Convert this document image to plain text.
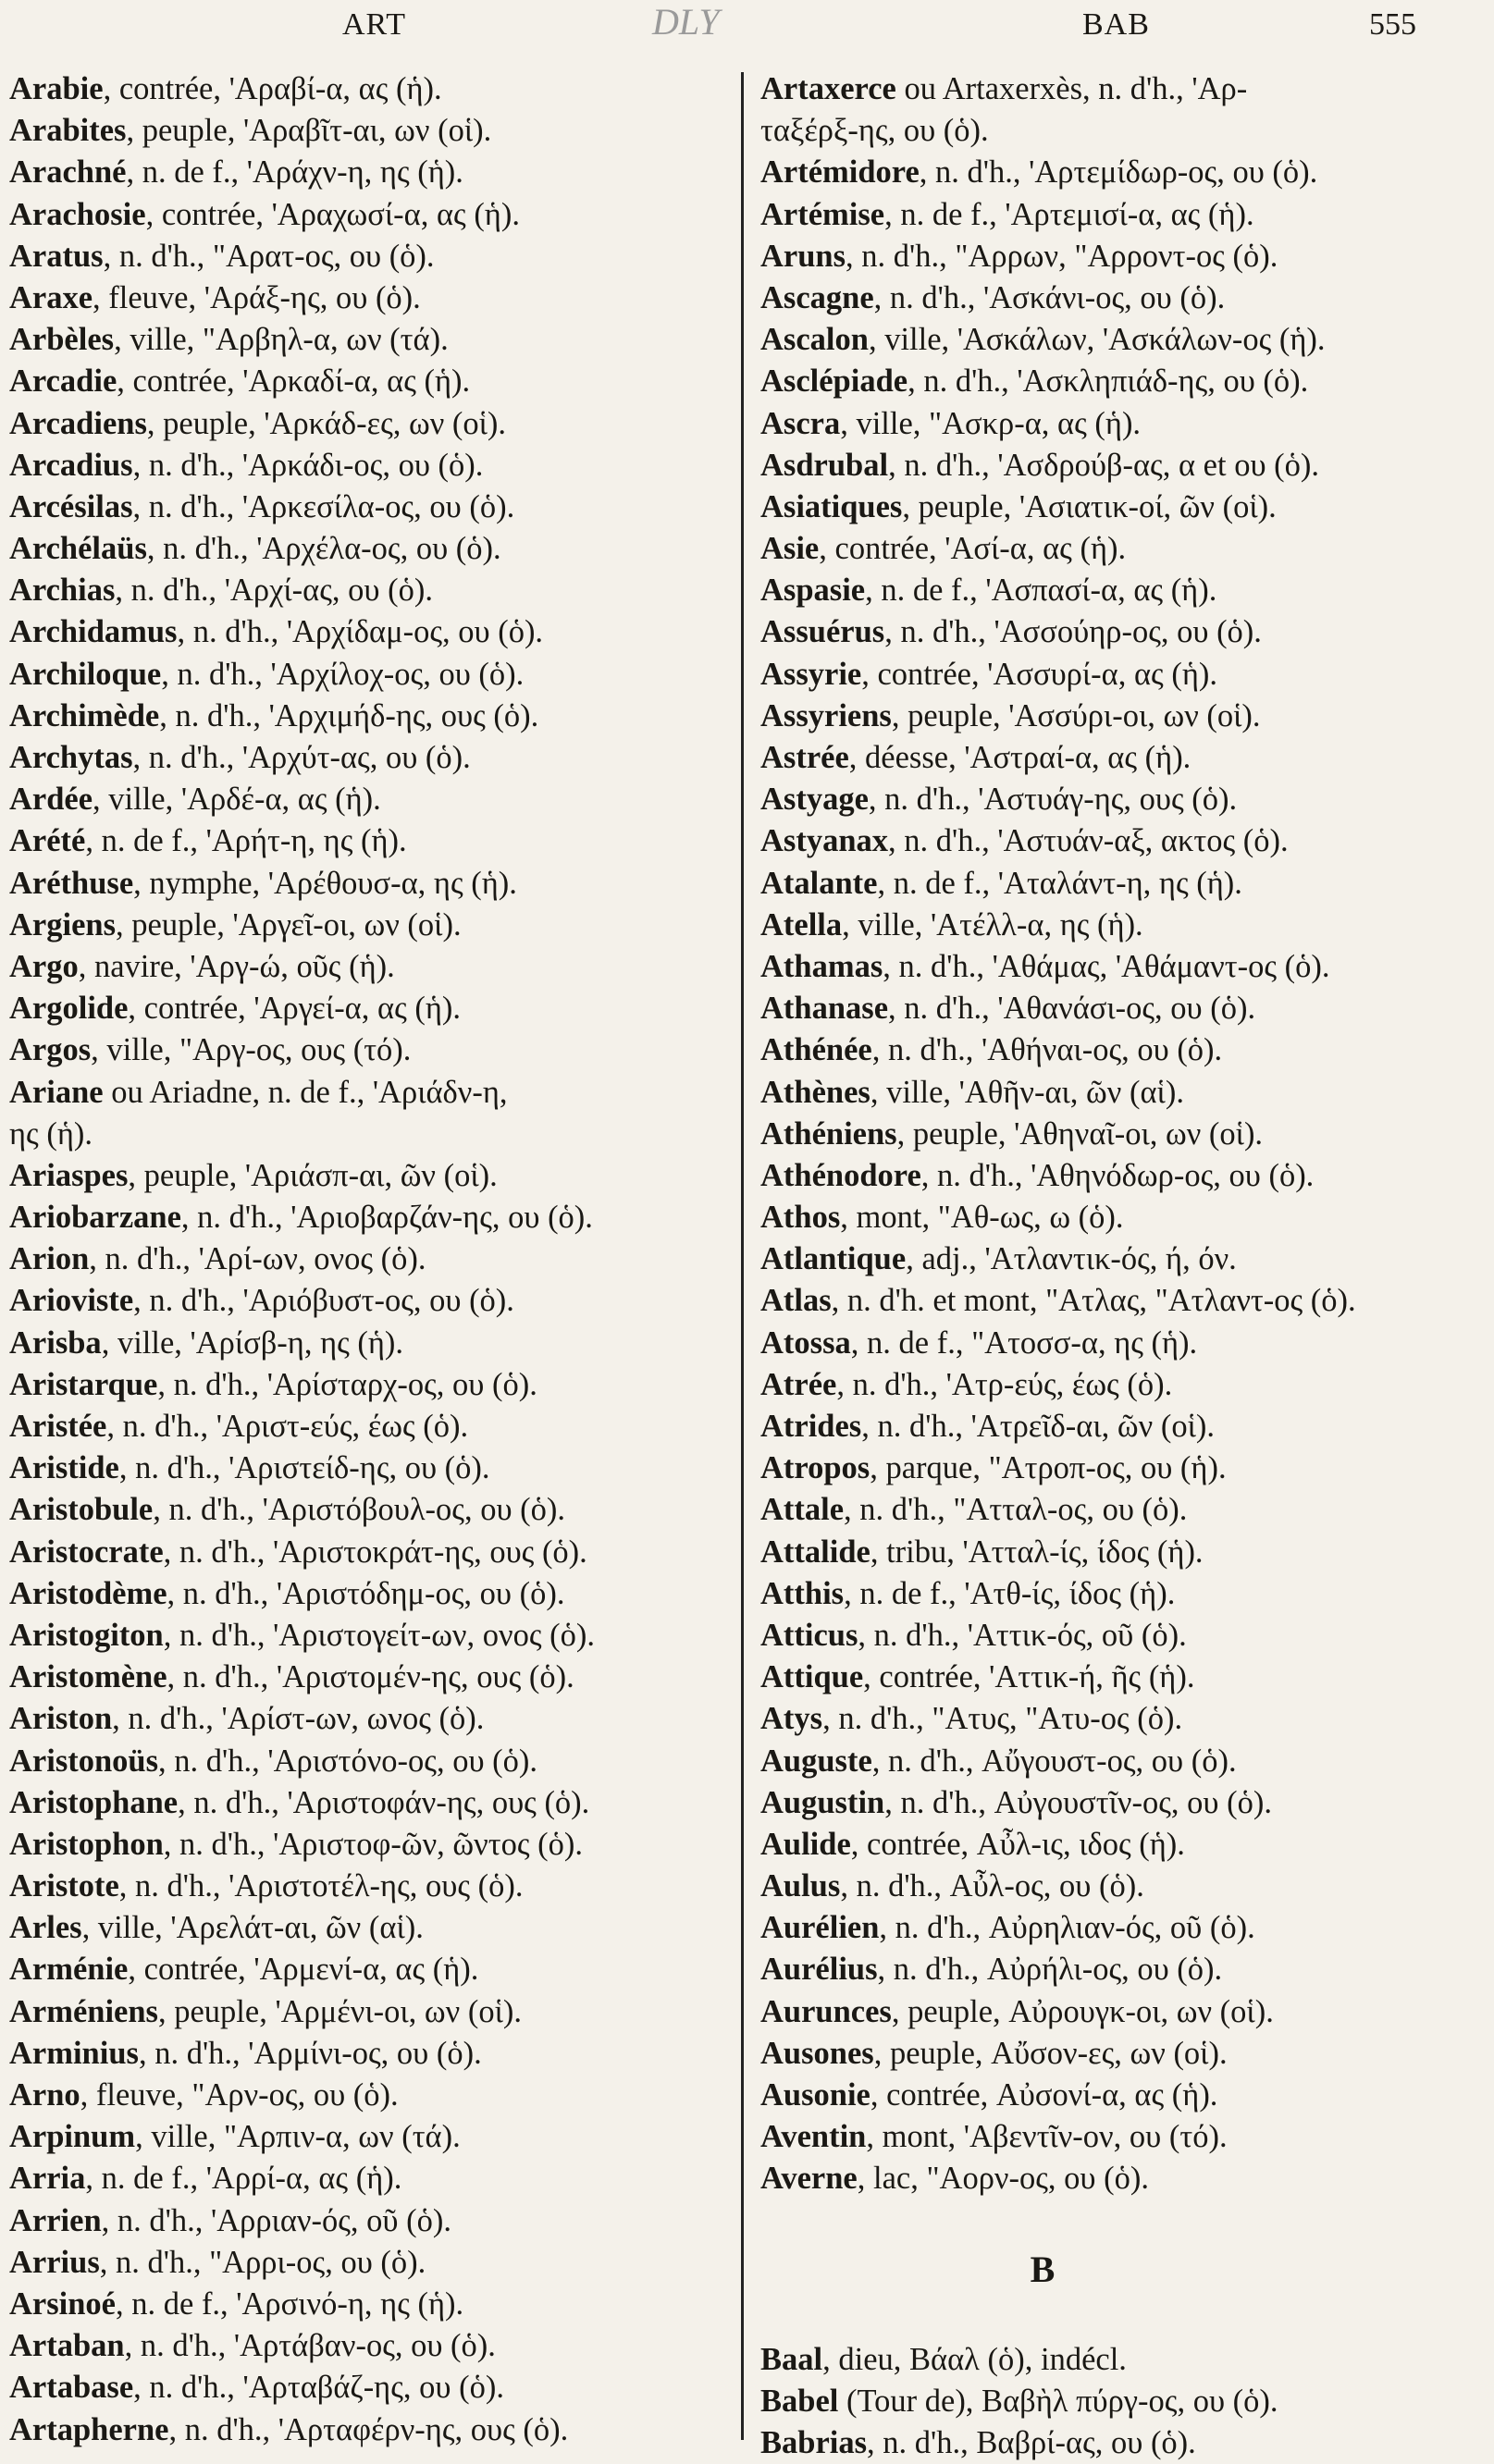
ART	DLY	BAB	555
Arabie, contrée, 'Αραβί-α, ας (ἡ).
Arabites, peuple, 'Αραβῖτ-αι, ων (οἱ).
Arachné, n. de f., 'Αράχν-η, ης (ἡ).
Arachosie, contrée, 'Αραχωσί-α, ας (ἡ).
Aratus, n. d'h., "Αρατ-ος, ου (ὁ).
Araxe, fleuve, 'Αράξ-ης, ου (ὁ).
Arbèles, ville, "Αρβηλ-α, ων (τά).
Arcadie, contrée, 'Αρκαδί-α, ας (ἡ).
Arcadiens, peuple, 'Αρκάδ-ες, ων (οἱ).
Arcadius, n. d'h., 'Αρκάδι-ος, ου (ὁ).
Arcésilas, n. d'h., 'Αρκεσίλα-ος, ου (ὁ).
Archélaüs, n. d'h., 'Αρχέλα-ος, ου (ὁ).
Archias, n. d'h., 'Αρχί-ας, ου (ὁ).
Archidamus, n. d'h., 'Αρχίδαμ-ος, ου (ὁ).
Archiloque, n. d'h., 'Αρχίλοχ-ος, ου (ὁ).
Archimède, n. d'h., 'Αρχιμήδ-ης, ους (ὁ).
Archytas, n. d'h., 'Αρχύτ-ας, ου (ὁ).
Ardée, ville, 'Αρδέ-α, ας (ἡ).
Arété, n. de f., 'Αρήτ-η, ης (ἡ).
Aréthuse, nymphe, 'Αρέθουσ-α, ης (ἡ).
Argiens, peuple, 'Αργεῖ-οι, ων (οἱ).
Argo, navire, 'Αργ-ώ, οῦς (ἡ).
Argolide, contrée, 'Αργεί-α, ας (ἡ).
Argos, ville, "Αργ-ος, ους (τό).
Ariane ou Ariadne, n. de f., 'Αριάδν-η,
ης (ἡ).
Ariaspes, peuple, 'Αριάσπ-αι, ῶν (οἱ).
Ariobarzane, n. d'h., 'Αριοβαρζάν-ης, ου (ὁ).
Arion, n. d'h., 'Αρί-ων, ονος (ὁ).
Arioviste, n. d'h., 'Αριόβυστ-ος, ου (ὁ).
Arisba, ville, 'Αρίσβ-η, ης (ἡ).
Aristarque, n. d'h., 'Αρίσταρχ-ος, ου (ὁ).
Aristée, n. d'h., 'Αριστ-εύς, έως (ὁ).
Aristide, n. d'h., 'Αριστείδ-ης, ου (ὁ).
Aristobule, n. d'h., 'Αριστόβουλ-ος, ου (ὁ).
Aristocrate, n. d'h., 'Αριστοκράτ-ης, ους (ὁ).
Aristodème, n. d'h., 'Αριστόδημ-ος, ου (ὁ).
Aristogiton, n. d'h., 'Αριστογείτ-ων, ονος (ὁ).
Aristomène, n. d'h., 'Αριστομέν-ης, ους (ὁ).
Ariston, n. d'h., 'Αρίστ-ων, ωνος (ὁ).
Aristonoüs, n. d'h., 'Αριστόνο-ος, ου (ὁ).
Aristophane, n. d'h., 'Αριστοφάν-ης, ους (ὁ).
Aristophon, n. d'h., 'Αριστοφ-ῶν, ῶντος (ὁ).
Aristote, n. d'h., 'Αριστοτέλ-ης, ους (ὁ).
Arles, ville, 'Αρελάτ-αι, ῶν (αἱ).
Arménie, contrée, 'Αρμενί-α, ας (ἡ).
Arméniens, peuple, 'Αρμένι-οι, ων (οἱ).
Arminius, n. d'h., 'Αρμίνι-ος, ου (ὁ).
Arno, fleuve, "Αρν-ος, ου (ὁ).
Arpinum, ville, "Αρπιν-α, ων (τά).
Arria, n. de f., 'Αρρί-α, ας (ἡ).
Arrien, n. d'h., 'Αρριαν-ός, οῦ (ὁ).
Arrius, n. d'h., "Αρρι-ος, ου (ὁ).
Arsinoé, n. de f., 'Αρσινό-η, ης (ἡ).
Artaban, n. d'h., 'Αρτάβαν-ος, ου (ὁ).
Artabase, n. d'h., 'Αρταβάζ-ης, ου (ὁ).
Artapherne, n. d'h., 'Αρταφέρν-ης, ους (ὁ).
Artaxerce ou Artaxerxès, n. d'h., 'Αρ-
ταξέρξ-ης, ου (ὁ).
Artémidore, n. d'h., 'Αρτεμίδωρ-ος, ου (ὁ).
Artémise, n. de f., 'Αρτεμισί-α, ας (ἡ).
Aruns, n. d'h., "Αρρων, "Αρροντ-ος (ὁ).
Ascagne, n. d'h., 'Ασκάνι-ος, ου (ὁ).
Ascalon, ville, 'Ασκάλων, 'Ασκάλων-ος (ἡ).
Asclépiade, n. d'h., 'Ασκληπιάδ-ης, ου (ὁ).
Ascra, ville, "Ασκρ-α, ας (ἡ).
Asdrubal, n. d'h., 'Ασδρούβ-ας, α et ου (ὁ).
Asiatiques, peuple, 'Ασιατικ-οί, ῶν (οἱ).
Asie, contrée, 'Ασί-α, ας (ἡ).
Aspasie, n. de f., 'Ασπασί-α, ας (ἡ).
Assuérus, n. d'h., 'Ασσούηρ-ος, ου (ὁ).
Assyrie, contrée, 'Ασσυρί-α, ας (ἡ).
Assyriens, peuple, 'Ασσύρι-οι, ων (οἱ).
Astrée, déesse, 'Αστραί-α, ας (ἡ).
Astyage, n. d'h., 'Αστυάγ-ης, ους (ὁ).
Astyanax, n. d'h., 'Αστυάν-αξ, ακτος (ὁ).
Atalante, n. de f., 'Αταλάντ-η, ης (ἡ).
Atella, ville, 'Ατέλλ-α, ης (ἡ).
Athamas, n. d'h., 'Αθάμας, 'Αθάμαντ-ος (ὁ).
Athanase, n. d'h., 'Αθανάσι-ος, ου (ὁ).
Athénée, n. d'h., 'Αθήναι-ος, ου (ὁ).
Athènes, ville, 'Αθῆν-αι, ῶν (αἱ).
Athéniens, peuple, 'Αθηναῖ-οι, ων (οἱ).
Athénodore, n. d'h., 'Αθηνόδωρ-ος, ου (ὁ).
Athos, mont, "Αθ-ως, ω (ὁ).
Atlantique, adj., 'Ατλαντικ-ός, ή, όν.
Atlas, n. d'h. et mont, "Ατλας, "Ατλαντ-ος (ὁ).
Atossa, n. de f., "Ατοσσ-α, ης (ἡ).
Atrée, n. d'h., 'Ατρ-εύς, έως (ὁ).
Atrides, n. d'h., 'Ατρεῖδ-αι, ῶν (οἱ).
Atropos, parque, "Ατροπ-ος, ου (ἡ).
Attale, n. d'h., "Ατταλ-ος, ου (ὁ).
Attalide, tribu, 'Ατταλ-ίς, ίδος (ἡ).
Atthis, n. de f., 'Ατθ-ίς, ίδος (ἡ).
Atticus, n. d'h., 'Αττικ-ός, οῦ (ὁ).
Attique, contrée, 'Αττικ-ή, ῆς (ἡ).
Atys, n. d'h., "Ατυς, "Ατυ-ος (ὁ).
Auguste, n. d'h., Αὔγουστ-ος, ου (ὁ).
Augustin, n. d'h., Αὐγουστῖν-ος, ου (ὁ).
Aulide, contrée, Αὖλ-ις, ιδος (ἡ).
Aulus, n. d'h., Αὖλ-ος, ου (ὁ).
Aurélien, n. d'h., Αὐρηλιαν-ός, οῦ (ὁ).
Aurélius, n. d'h., Αὐρήλι-ος, ου (ὁ).
Aurunces, peuple, Αὐρουγκ-οι, ων (οἱ).
Ausones, peuple, Αὔσον-ες, ων (οἱ).
Ausonie, contrée, Αὐσονί-α, ας (ἡ).
Aventin, mont, 'Αβεντῖν-ον, ου (τό).
Averne, lac, "Αορν-ος, ου (ὁ).
B
Baal, dieu, Βάαλ (ὁ), indécl.
Babel (Tour de), Βαβὴλ πύργ-ος, ου (ὁ).
Babrias, n. d'h., Βαβρί-ας, ου (ὁ).
